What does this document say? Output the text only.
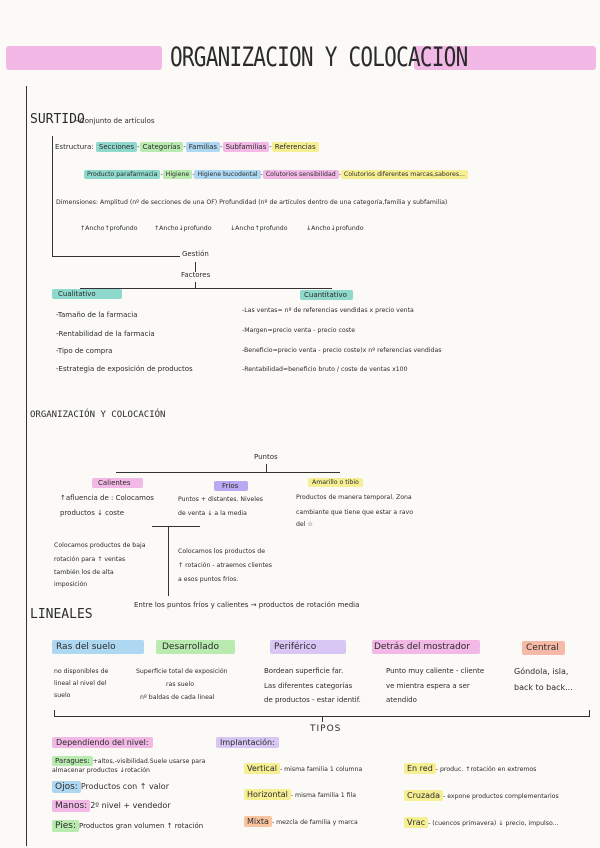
ORGANIZACION Y COLOCACION
SURTIDO
→Conjunto de artículos
Estructura: Secciones - Categorías - Familias - Subfamilias - Referencias
Producto parafarmacia - Higiene Higiene bucodental - Colutorios sensibilidad - Colutorios diferentes marcas,sabores...
Dimensiones: Amplitud (nº de secciones de una OF) Profundidad (nº de artículos dentro de una categoría,familia y subfamilia)
↑Ancho↑profundo	↑Ancho↓profundo	↓Ancho↑profundo	↓Ancho↓profundo
Gestión
Factores
Cualitativo	Cuantitativo
-Tamaño de la farmacia
-Rentabilidad de la farmacia
-Tipo de compra
-Estrategia de exposición de productos
-Las ventas= nº de referencias vendidas x precio venta
-Margen=precio venta - precio coste
-Beneficio=precio venta - precio coste)x nº referencias vendidas
-Rentabilidad=beneficio bruto / coste de ventas x100
ORGANIZACIÓN Y COLOCACIÓN
Puntos
Calientes	Fríos	Amarillo o tibio
↑afluencia de : Colocamos
productos ↓ coste
Puntos + distantes. Niveles
de venta ↓ a la media
Productos de manera temporal. Zona
cambiante que tiene que estar a ravo
del ☆
Colocamos productos de baja
rotación para ↑ ventas
también los de alta
imposición
Colocamos los productos de
↑ rotación - atraemos clientes
a esos puntos fríos.
Entre los puntos fríos y calientes → productos de rotación media
LINEALES
Ras del suelo	Desarrollado	Periférico	Detrás del mostrador	Central
no disponibles de
lineal al nivel del
suelo
Superficie total de exposición
ras suelo
nº baldas de cada lineal
Bordean superficie far.
Las diferentes categorías
de productos - estar identif.
Punto muy caliente - cliente
ve mientra espera a ser
atendido
Góndola, isla,
back to back...
TIPOS
Dependiendo del nivel:	Implantación:
Paragues: +altos,-visibilidad.Suele usarse para almacenar productos ↓rotación
Ojos: Productos con ↑ valor
Manos: 2º nivel + vendedor
Pies: Productos gran volumen ↑ rotación
Vertical - misma familia 1 columna
Horizontal - misma familia 1 fila
Mixta - mezcla de familia y marca
En red - produc. ↑rotación en extremos
Cruzada - expone productos complementarios
Vrac - (cuencos primavera) ↓ precio, impulso...
